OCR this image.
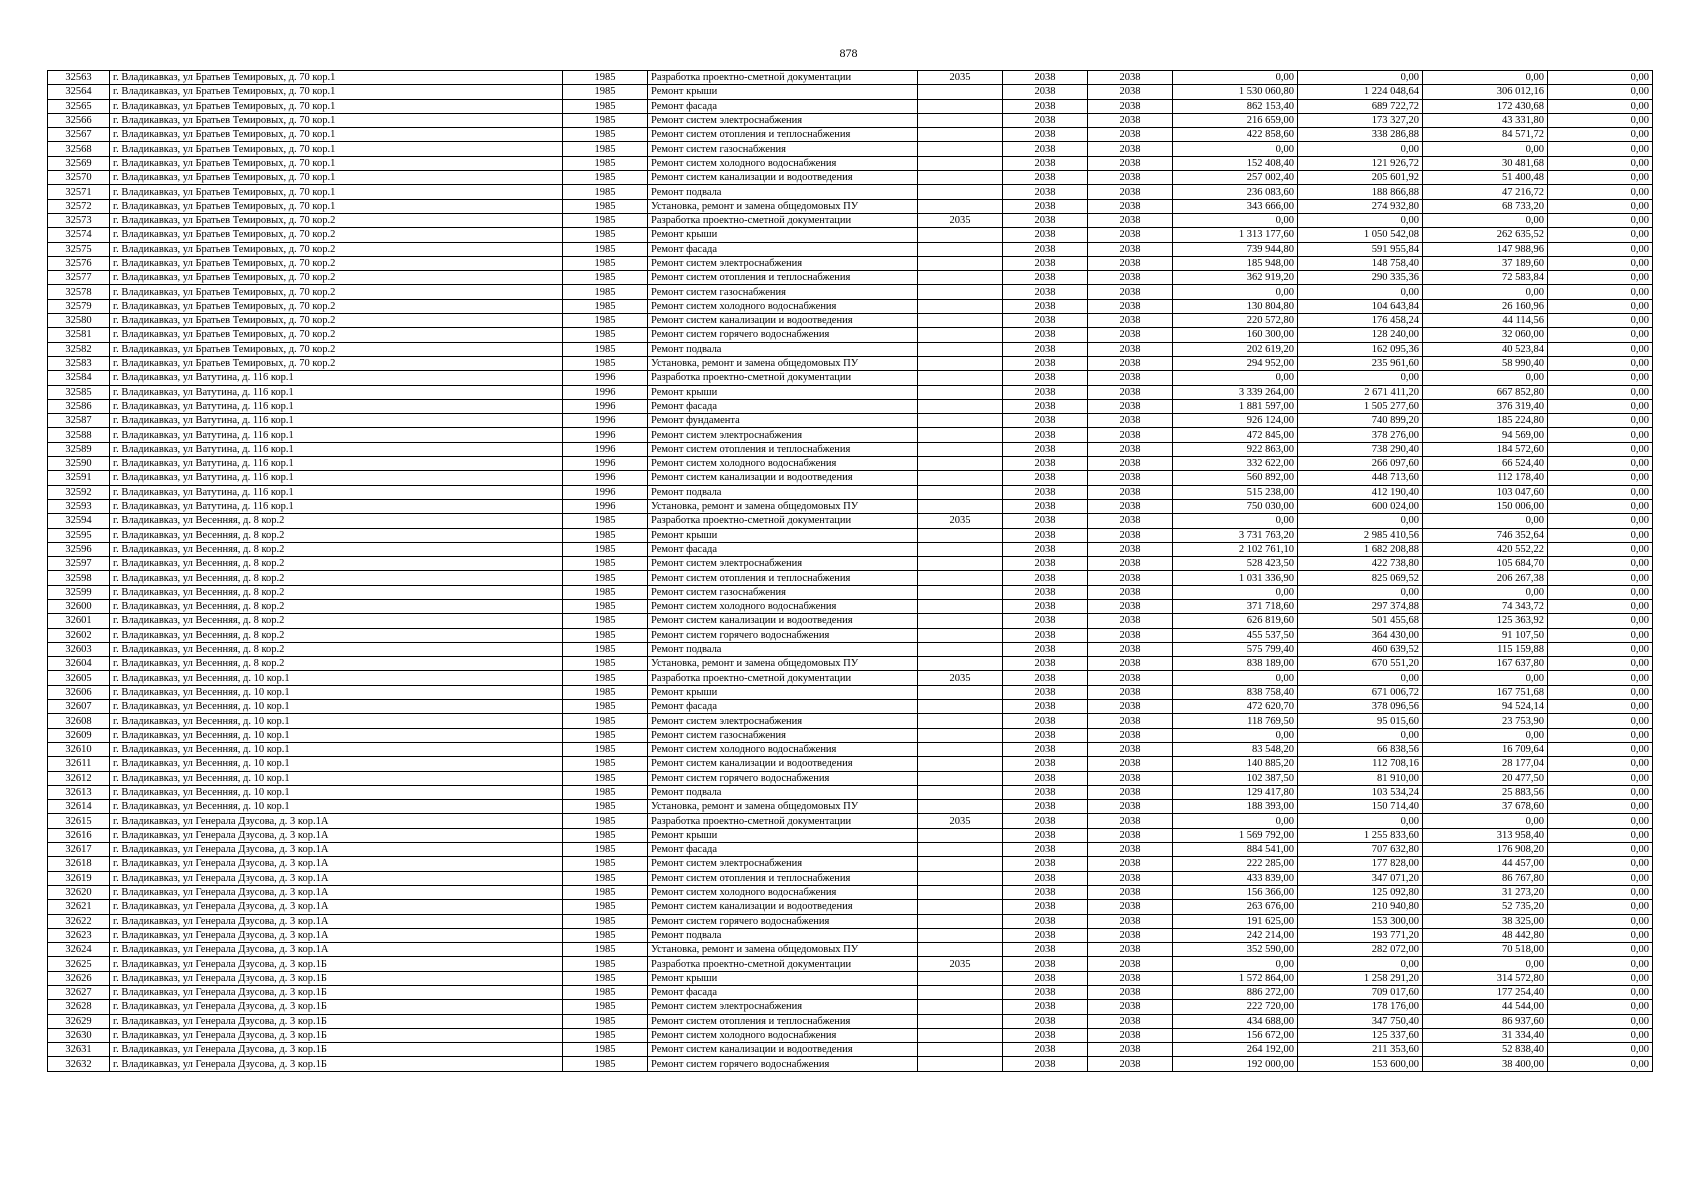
878
32563	г. Владикавказ, ул Братьев Темировых, д. 70 кор.1	1985	Разработка проектно-сметной документации	2035	2038	2038	0,00	0,00	0,00	0,00
32564	г. Владикавказ, ул Братьев Темировых, д. 70 кор.1	1985	Ремонт крыши		2038	2038	1 530 060,80	1 224 048,64	306 012,16	0,00
32565	г. Владикавказ, ул Братьев Темировых, д. 70 кор.1	1985	Ремонт фасада		2038	2038	862 153,40	689 722,72	172 430,68	0,00
32566	г. Владикавказ, ул Братьев Темировых, д. 70 кор.1	1985	Ремонт систем электроснабжения		2038	2038	216 659,00	173 327,20	43 331,80	0,00
32567	г. Владикавказ, ул Братьев Темировых, д. 70 кор.1	1985	Ремонт систем отопления и теплоснабжения		2038	2038	422 858,60	338 286,88	84 571,72	0,00
32568	г. Владикавказ, ул Братьев Темировых, д. 70 кор.1	1985	Ремонт систем газоснабжения		2038	2038	0,00	0,00	0,00	0,00
32569	г. Владикавказ, ул Братьев Темировых, д. 70 кор.1	1985	Ремонт систем холодного водоснабжения		2038	2038	152 408,40	121 926,72	30 481,68	0,00
32570	г. Владикавказ, ул Братьев Темировых, д. 70 кор.1	1985	Ремонт систем канализации и водоотведения		2038	2038	257 002,40	205 601,92	51 400,48	0,00
32571	г. Владикавказ, ул Братьев Темировых, д. 70 кор.1	1985	Ремонт подвала		2038	2038	236 083,60	188 866,88	47 216,72	0,00
32572	г. Владикавказ, ул Братьев Темировых, д. 70 кор.1	1985	Установка, ремонт и замена общедомовых ПУ		2038	2038	343 666,00	274 932,80	68 733,20	0,00
32573	г. Владикавказ, ул Братьев Темировых, д. 70 кор.2	1985	Разработка проектно-сметной документации	2035	2038	2038	0,00	0,00	0,00	0,00
32574	г. Владикавказ, ул Братьев Темировых, д. 70 кор.2	1985	Ремонт крыши		2038	2038	1 313 177,60	1 050 542,08	262 635,52	0,00
32575	г. Владикавказ, ул Братьев Темировых, д. 70 кор.2	1985	Ремонт фасада		2038	2038	739 944,80	591 955,84	147 988,96	0,00
32576	г. Владикавказ, ул Братьев Темировых, д. 70 кор.2	1985	Ремонт систем электроснабжения		2038	2038	185 948,00	148 758,40	37 189,60	0,00
32577	г. Владикавказ, ул Братьев Темировых, д. 70 кор.2	1985	Ремонт систем отопления и теплоснабжения		2038	2038	362 919,20	290 335,36	72 583,84	0,00
32578	г. Владикавказ, ул Братьев Темировых, д. 70 кор.2	1985	Ремонт систем газоснабжения		2038	2038	0,00	0,00	0,00	0,00
32579	г. Владикавказ, ул Братьев Темировых, д. 70 кор.2	1985	Ремонт систем холодного водоснабжения		2038	2038	130 804,80	104 643,84	26 160,96	0,00
32580	г. Владикавказ, ул Братьев Темировых, д. 70 кор.2	1985	Ремонт систем канализации и водоотведения		2038	2038	220 572,80	176 458,24	44 114,56	0,00
32581	г. Владикавказ, ул Братьев Темировых, д. 70 кор.2	1985	Ремонт систем горячего водоснабжения		2038	2038	160 300,00	128 240,00	32 060,00	0,00
32582	г. Владикавказ, ул Братьев Темировых, д. 70 кор.2	1985	Ремонт подвала		2038	2038	202 619,20	162 095,36	40 523,84	0,00
32583	г. Владикавказ, ул Братьев Темировых, д. 70 кор.2	1985	Установка, ремонт и замена общедомовых ПУ		2038	2038	294 952,00	235 961,60	58 990,40	0,00
32584	г. Владикавказ, ул Ватутина, д. 116 кор.1	1996	Разработка проектно-сметной документации		2038	2038	0,00	0,00	0,00	0,00
32585	г. Владикавказ, ул Ватутина, д. 116 кор.1	1996	Ремонт крыши		2038	2038	3 339 264,00	2 671 411,20	667 852,80	0,00
32586	г. Владикавказ, ул Ватутина, д. 116 кор.1	1996	Ремонт фасада		2038	2038	1 881 597,00	1 505 277,60	376 319,40	0,00
32587	г. Владикавказ, ул Ватутина, д. 116 кор.1	1996	Ремонт фундамента		2038	2038	926 124,00	740 899,20	185 224,80	0,00
32588	г. Владикавказ, ул Ватутина, д. 116 кор.1	1996	Ремонт систем электроснабжения		2038	2038	472 845,00	378 276,00	94 569,00	0,00
32589	г. Владикавказ, ул Ватутина, д. 116 кор.1	1996	Ремонт систем отопления и теплоснабжения		2038	2038	922 863,00	738 290,40	184 572,60	0,00
32590	г. Владикавказ, ул Ватутина, д. 116 кор.1	1996	Ремонт систем холодного водоснабжения		2038	2038	332 622,00	266 097,60	66 524,40	0,00
32591	г. Владикавказ, ул Ватутина, д. 116 кор.1	1996	Ремонт систем канализации и водоотведения		2038	2038	560 892,00	448 713,60	112 178,40	0,00
32592	г. Владикавказ, ул Ватутина, д. 116 кор.1	1996	Ремонт подвала		2038	2038	515 238,00	412 190,40	103 047,60	0,00
32593	г. Владикавказ, ул Ватутина, д. 116 кор.1	1996	Установка, ремонт и замена общедомовых ПУ		2038	2038	750 030,00	600 024,00	150 006,00	0,00
32594	г. Владикавказ, ул Весенняя, д. 8 кор.2	1985	Разработка проектно-сметной документации	2035	2038	2038	0,00	0,00	0,00	0,00
32595	г. Владикавказ, ул Весенняя, д. 8 кор.2	1985	Ремонт крыши		2038	2038	3 731 763,20	2 985 410,56	746 352,64	0,00
32596	г. Владикавказ, ул Весенняя, д. 8 кор.2	1985	Ремонт фасада		2038	2038	2 102 761,10	1 682 208,88	420 552,22	0,00
32597	г. Владикавказ, ул Весенняя, д. 8 кор.2	1985	Ремонт систем электроснабжения		2038	2038	528 423,50	422 738,80	105 684,70	0,00
32598	г. Владикавказ, ул Весенняя, д. 8 кор.2	1985	Ремонт систем отопления и теплоснабжения		2038	2038	1 031 336,90	825 069,52	206 267,38	0,00
32599	г. Владикавказ, ул Весенняя, д. 8 кор.2	1985	Ремонт систем газоснабжения		2038	2038	0,00	0,00	0,00	0,00
32600	г. Владикавказ, ул Весенняя, д. 8 кор.2	1985	Ремонт систем холодного водоснабжения		2038	2038	371 718,60	297 374,88	74 343,72	0,00
32601	г. Владикавказ, ул Весенняя, д. 8 кор.2	1985	Ремонт систем канализации и водоотведения		2038	2038	626 819,60	501 455,68	125 363,92	0,00
32602	г. Владикавказ, ул Весенняя, д. 8 кор.2	1985	Ремонт систем горячего водоснабжения		2038	2038	455 537,50	364 430,00	91 107,50	0,00
32603	г. Владикавказ, ул Весенняя, д. 8 кор.2	1985	Ремонт подвала		2038	2038	575 799,40	460 639,52	115 159,88	0,00
32604	г. Владикавказ, ул Весенняя, д. 8 кор.2	1985	Установка, ремонт и замена общедомовых ПУ		2038	2038	838 189,00	670 551,20	167 637,80	0,00
32605	г. Владикавказ, ул Весенняя, д. 10 кор.1	1985	Разработка проектно-сметной документации	2035	2038	2038	0,00	0,00	0,00	0,00
32606	г. Владикавказ, ул Весенняя, д. 10 кор.1	1985	Ремонт крыши		2038	2038	838 758,40	671 006,72	167 751,68	0,00
32607	г. Владикавказ, ул Весенняя, д. 10 кор.1	1985	Ремонт фасада		2038	2038	472 620,70	378 096,56	94 524,14	0,00
32608	г. Владикавказ, ул Весенняя, д. 10 кор.1	1985	Ремонт систем электроснабжения		2038	2038	118 769,50	95 015,60	23 753,90	0,00
32609	г. Владикавказ, ул Весенняя, д. 10 кор.1	1985	Ремонт систем газоснабжения		2038	2038	0,00	0,00	0,00	0,00
32610	г. Владикавказ, ул Весенняя, д. 10 кор.1	1985	Ремонт систем холодного водоснабжения		2038	2038	83 548,20	66 838,56	16 709,64	0,00
32611	г. Владикавказ, ул Весенняя, д. 10 кор.1	1985	Ремонт систем канализации и водоотведения		2038	2038	140 885,20	112 708,16	28 177,04	0,00
32612	г. Владикавказ, ул Весенняя, д. 10 кор.1	1985	Ремонт систем горячего водоснабжения		2038	2038	102 387,50	81 910,00	20 477,50	0,00
32613	г. Владикавказ, ул Весенняя, д. 10 кор.1	1985	Ремонт подвала		2038	2038	129 417,80	103 534,24	25 883,56	0,00
32614	г. Владикавказ, ул Весенняя, д. 10 кор.1	1985	Установка, ремонт и замена общедомовых ПУ		2038	2038	188 393,00	150 714,40	37 678,60	0,00
32615	г. Владикавказ, ул Генерала Дзусова, д. 3 кор.1А	1985	Разработка проектно-сметной документации	2035	2038	2038	0,00	0,00	0,00	0,00
32616	г. Владикавказ, ул Генерала Дзусова, д. 3 кор.1А	1985	Ремонт крыши		2038	2038	1 569 792,00	1 255 833,60	313 958,40	0,00
32617	г. Владикавказ, ул Генерала Дзусова, д. 3 кор.1А	1985	Ремонт фасада		2038	2038	884 541,00	707 632,80	176 908,20	0,00
32618	г. Владикавказ, ул Генерала Дзусова, д. 3 кор.1А	1985	Ремонт систем электроснабжения		2038	2038	222 285,00	177 828,00	44 457,00	0,00
32619	г. Владикавказ, ул Генерала Дзусова, д. 3 кор.1А	1985	Ремонт систем отопления и теплоснабжения		2038	2038	433 839,00	347 071,20	86 767,80	0,00
32620	г. Владикавказ, ул Генерала Дзусова, д. 3 кор.1А	1985	Ремонт систем холодного водоснабжения		2038	2038	156 366,00	125 092,80	31 273,20	0,00
32621	г. Владикавказ, ул Генерала Дзусова, д. 3 кор.1А	1985	Ремонт систем канализации и водоотведения		2038	2038	263 676,00	210 940,80	52 735,20	0,00
32622	г. Владикавказ, ул Генерала Дзусова, д. 3 кор.1А	1985	Ремонт систем горячего водоснабжения		2038	2038	191 625,00	153 300,00	38 325,00	0,00
32623	г. Владикавказ, ул Генерала Дзусова, д. 3 кор.1А	1985	Ремонт подвала		2038	2038	242 214,00	193 771,20	48 442,80	0,00
32624	г. Владикавказ, ул Генерала Дзусова, д. 3 кор.1А	1985	Установка, ремонт и замена общедомовых ПУ		2038	2038	352 590,00	282 072,00	70 518,00	0,00
32625	г. Владикавказ, ул Генерала Дзусова, д. 3 кор.1Б	1985	Разработка проектно-сметной документации	2035	2038	2038	0,00	0,00	0,00	0,00
32626	г. Владикавказ, ул Генерала Дзусова, д. 3 кор.1Б	1985	Ремонт крыши		2038	2038	1 572 864,00	1 258 291,20	314 572,80	0,00
32627	г. Владикавказ, ул Генерала Дзусова, д. 3 кор.1Б	1985	Ремонт фасада		2038	2038	886 272,00	709 017,60	177 254,40	0,00
32628	г. Владикавказ, ул Генерала Дзусова, д. 3 кор.1Б	1985	Ремонт систем электроснабжения		2038	2038	222 720,00	178 176,00	44 544,00	0,00
32629	г. Владикавказ, ул Генерала Дзусова, д. 3 кор.1Б	1985	Ремонт систем отопления и теплоснабжения		2038	2038	434 688,00	347 750,40	86 937,60	0,00
32630	г. Владикавказ, ул Генерала Дзусова, д. 3 кор.1Б	1985	Ремонт систем холодного водоснабжения		2038	2038	156 672,00	125 337,60	31 334,40	0,00
32631	г. Владикавказ, ул Генерала Дзусова, д. 3 кор.1Б	1985	Ремонт систем канализации и водоотведения		2038	2038	264 192,00	211 353,60	52 838,40	0,00
32632	г. Владикавказ, ул Генерала Дзусова, д. 3 кор.1Б	1985	Ремонт систем горячего водоснабжения		2038	2038	192 000,00	153 600,00	38 400,00	0,00
